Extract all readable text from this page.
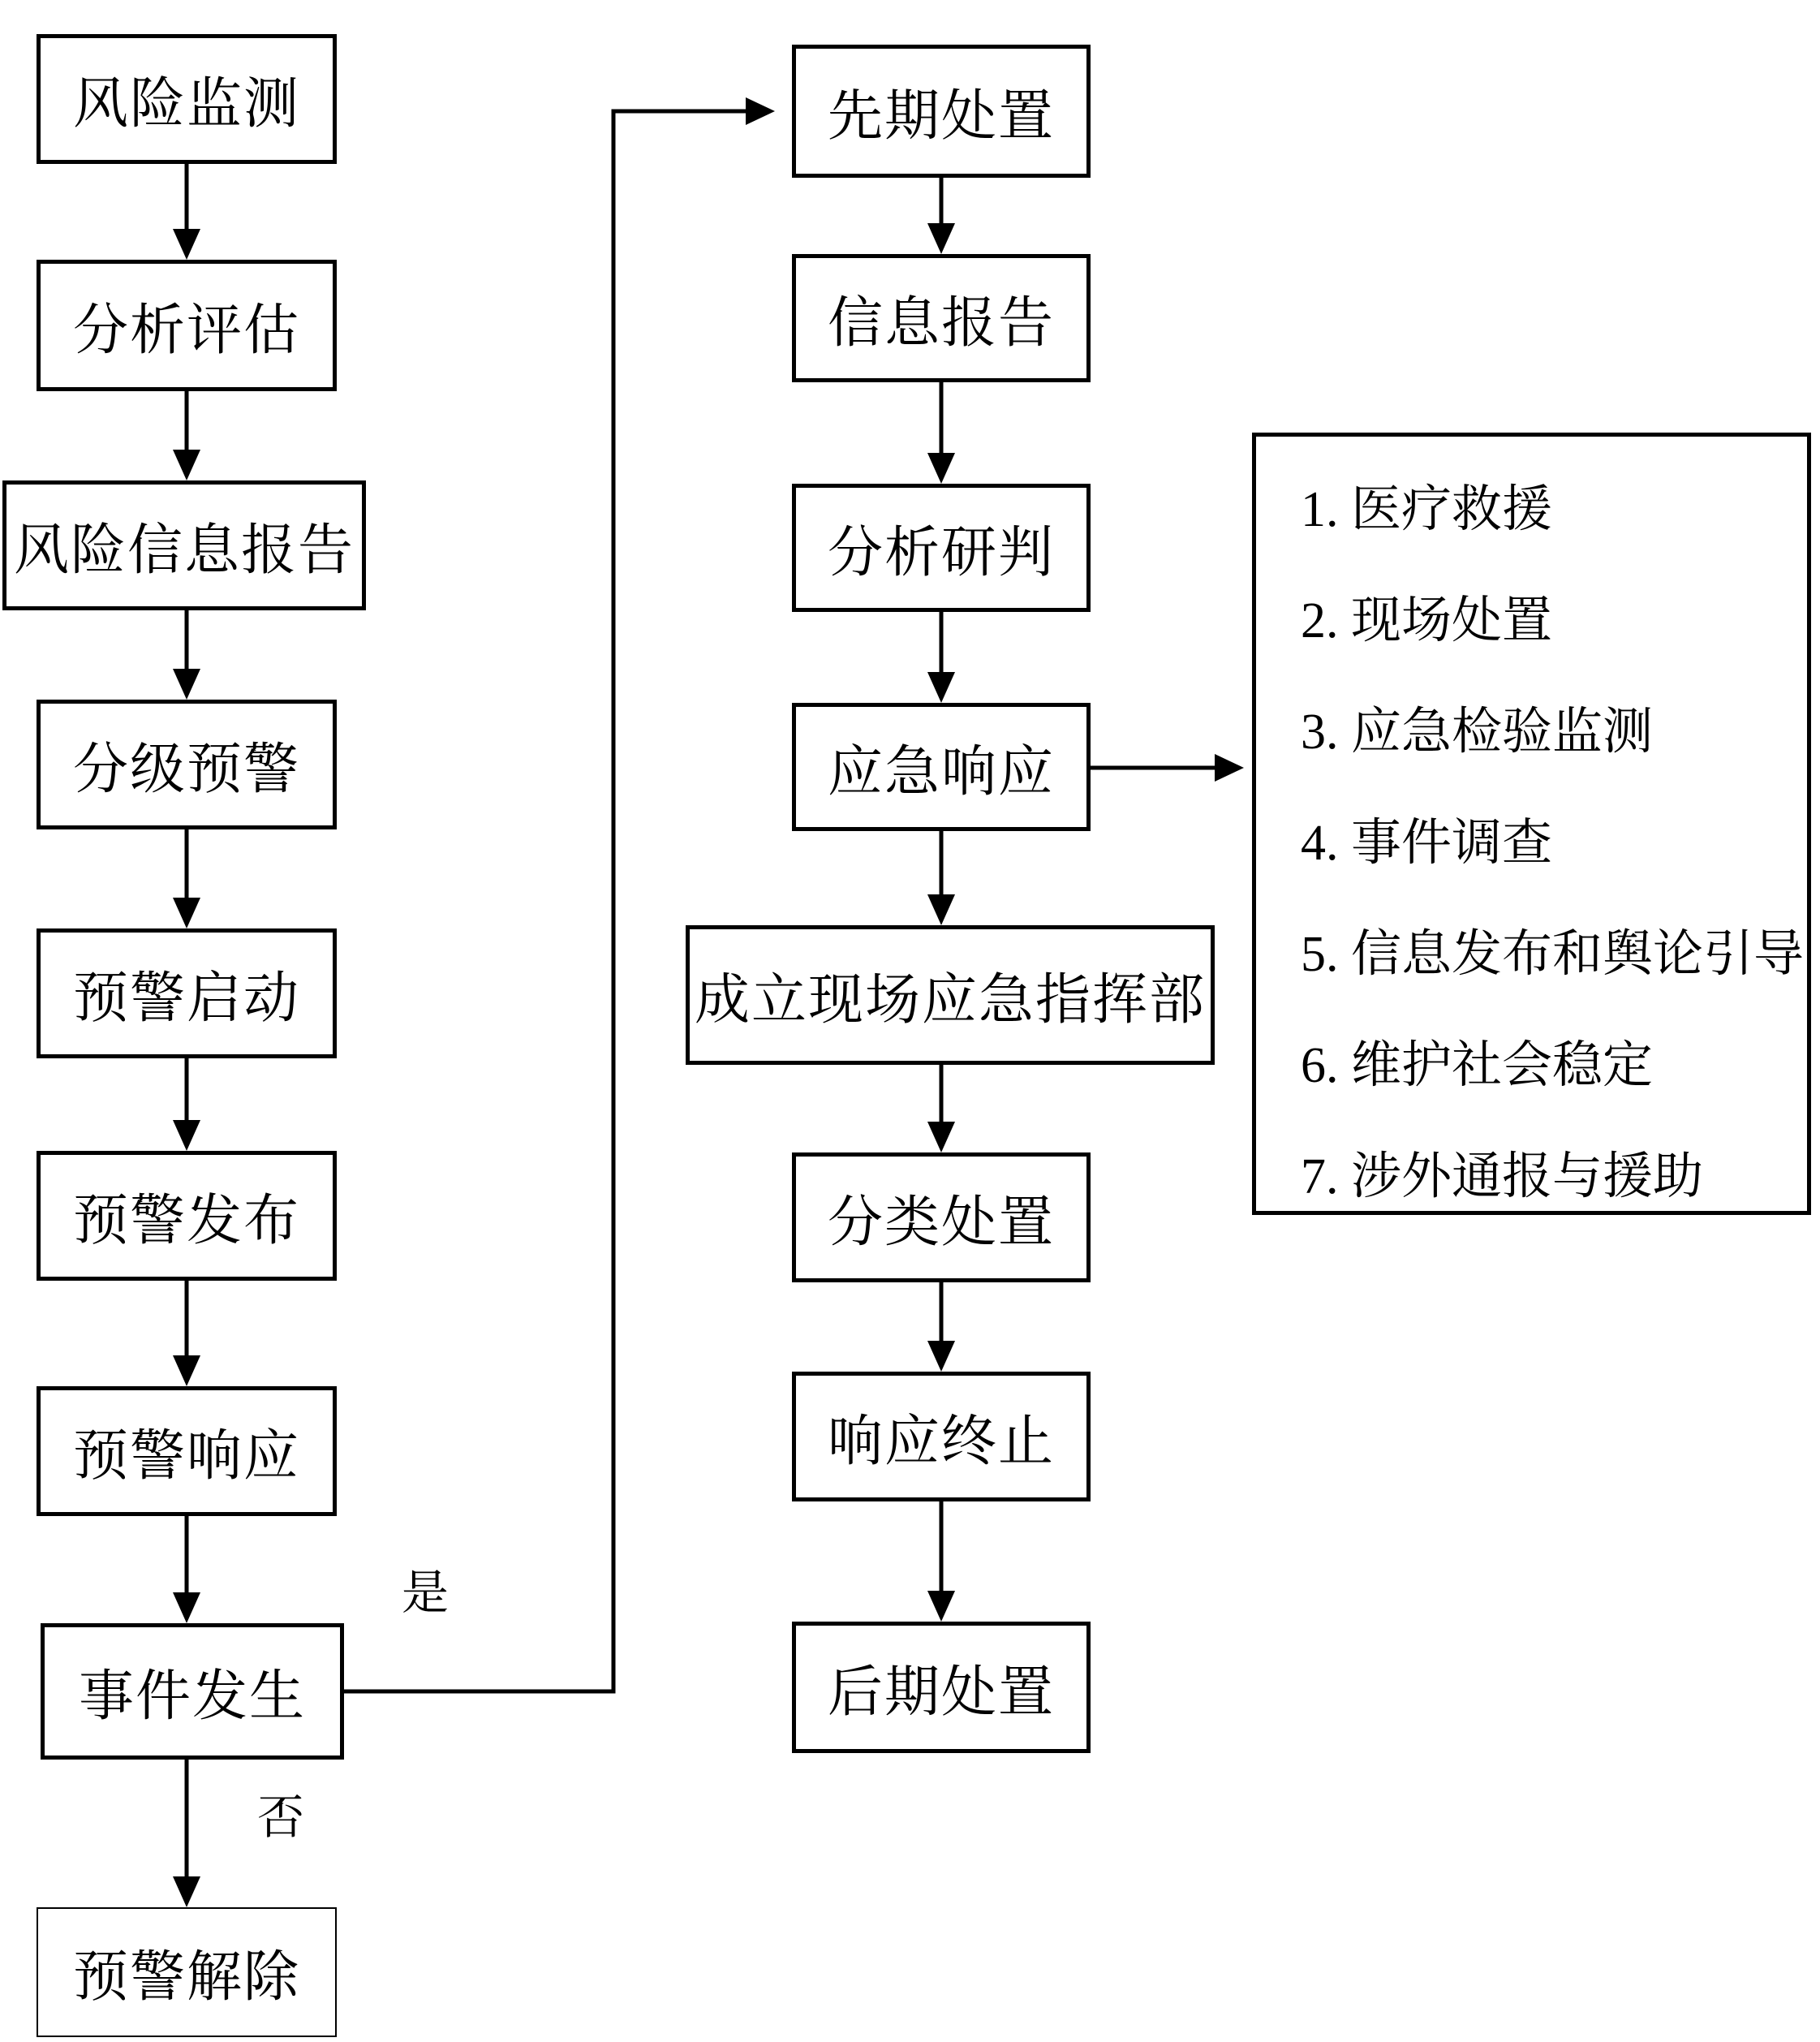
风险监测
分析评估
风险信息报告
分级预警
预警启动
预警发布
预警响应
事件发生
预警解除
先期处置
信息报告
分析研判
应急响应
成立现场应急指挥部
分类处置
响应终止
后期处置
1. 医疗救援
2. 现场处置
3. 应急检验监测
4. 事件调查
5. 信息发布和舆论引导
6. 维护社会稳定
7. 涉外通报与援助
是
否
